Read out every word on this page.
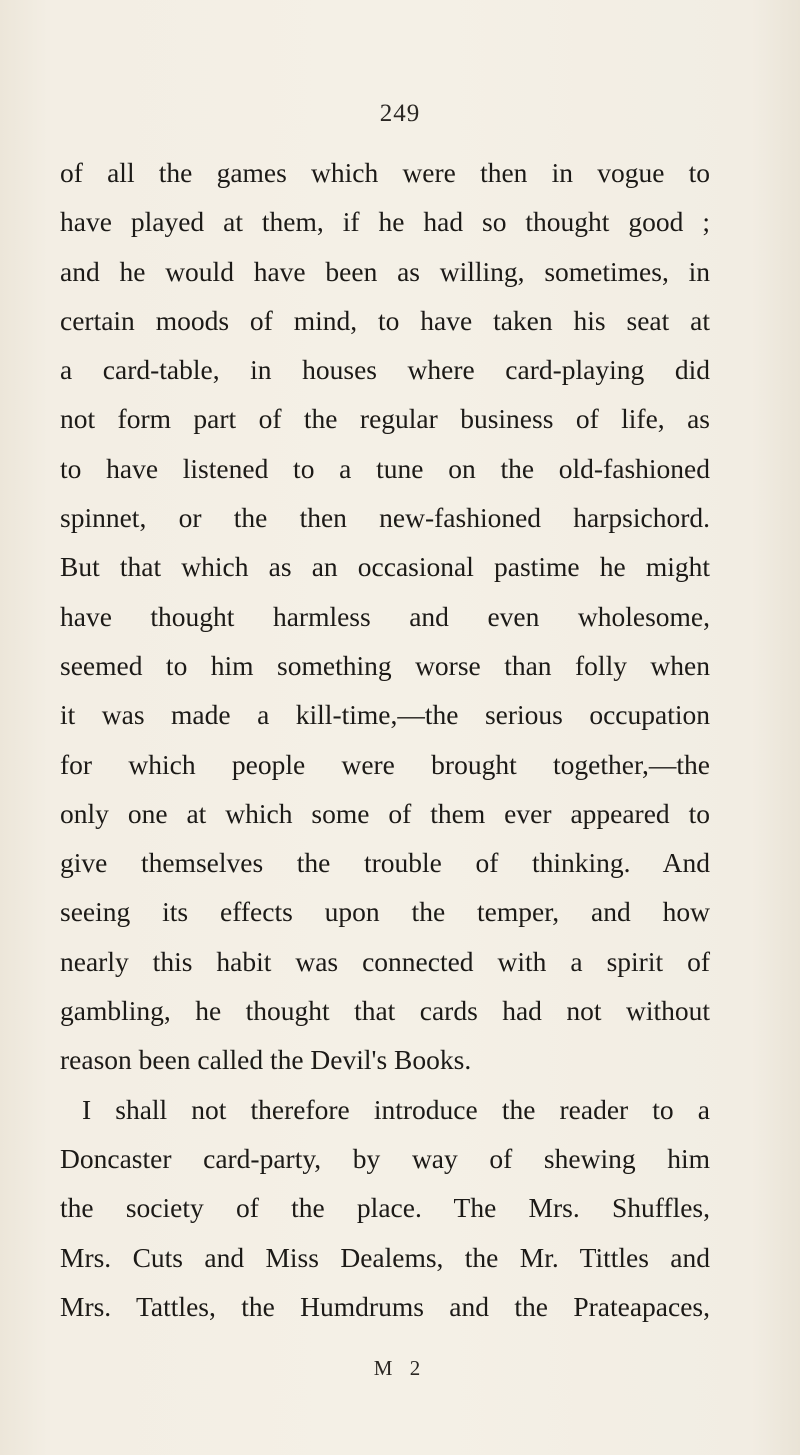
249
of all the games which were then in vogue to
have played at them, if he had so thought good ;
and he would have been as willing, sometimes, in
certain moods of mind, to have taken his seat at
a card-table, in houses where card-playing did
not form part of the regular business of life, as
to have listened to a tune on the old-fashioned
spinnet, or the then new-fashioned harpsichord.
But that which as an occasional pastime he might
have thought harmless and even wholesome,
seemed to him something worse than folly when
it was made a kill-time,—the serious occupation
for which people were brought together,—the
only one at which some of them ever appeared to
give themselves the trouble of thinking. And
seeing its effects upon the temper, and how
nearly this habit was connected with a spirit of
gambling, he thought that cards had not without
reason been called the Devil's Books.
I shall not therefore introduce the reader to a
Doncaster card-party, by way of shewing him
the society of the place. The Mrs. Shuffles,
Mrs. Cuts and Miss Dealems, the Mr. Tittles and
Mrs. Tattles, the Humdrums and the Prateapaces,
M 2
